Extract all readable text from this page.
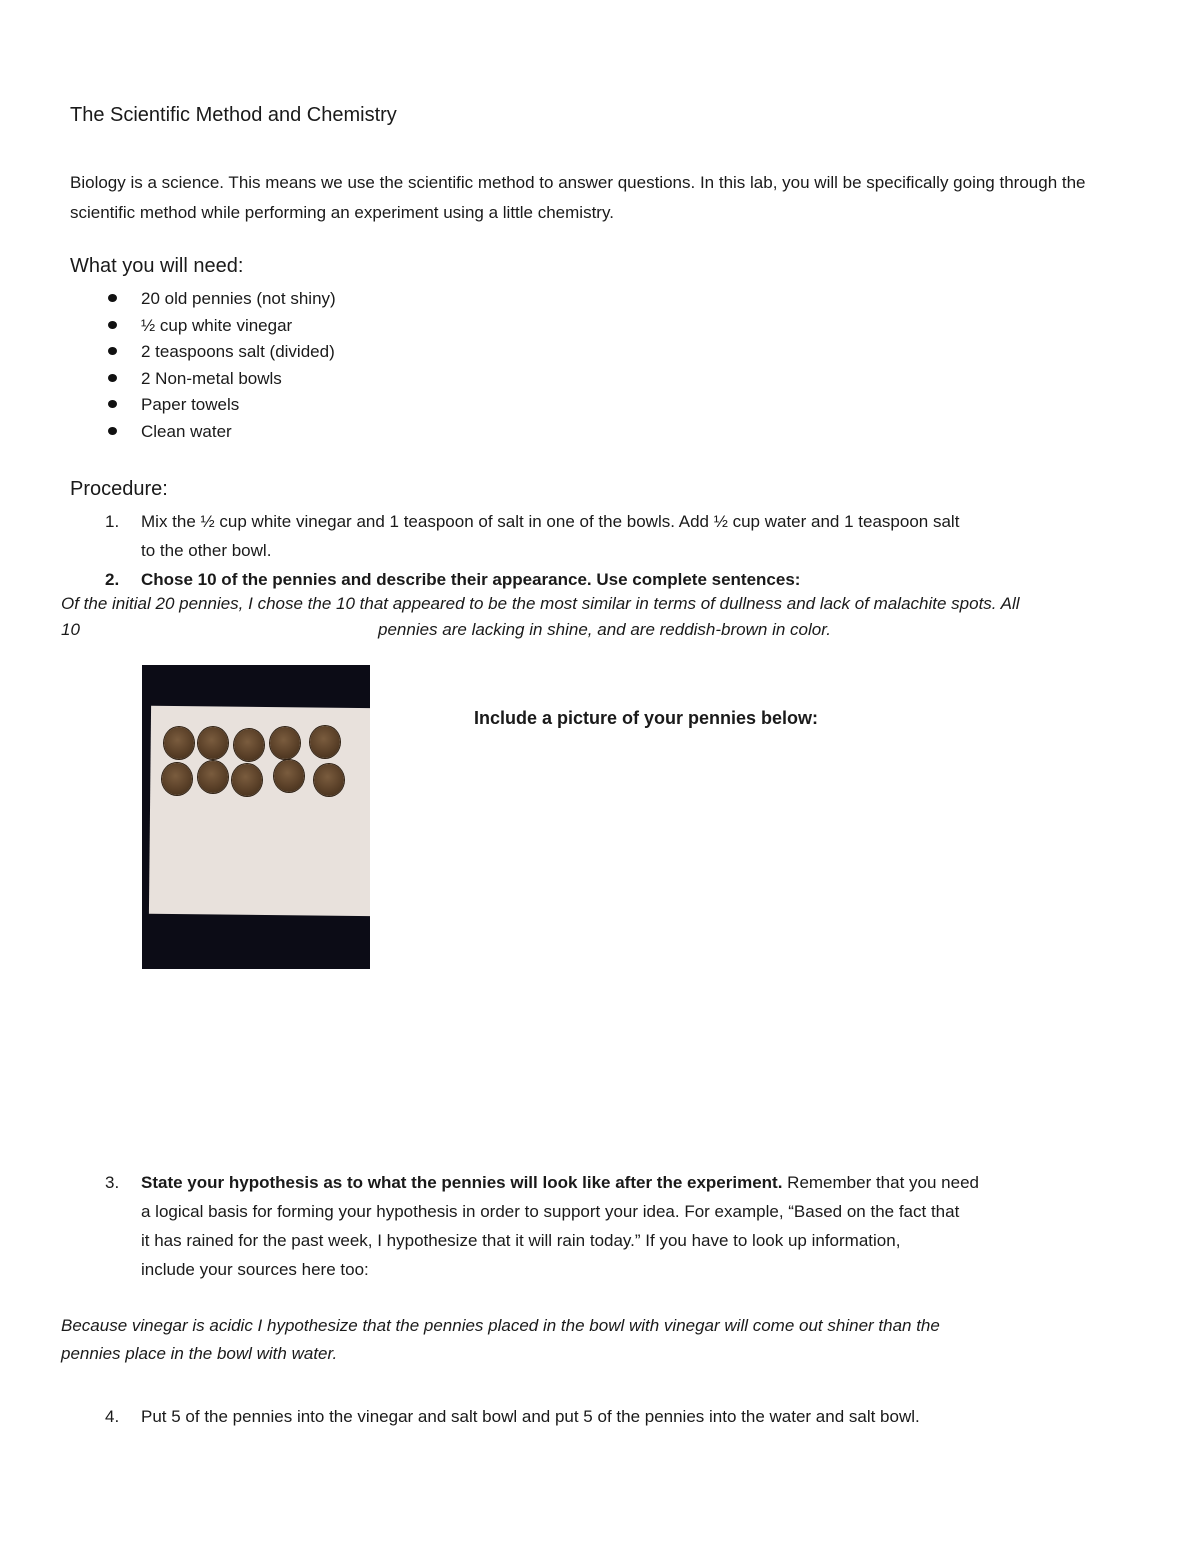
The Scientific Method and Chemistry
Biology is a science. This means we use the scientific method to answer questions. In this lab, you will be specifically going through the scientific method while performing an experiment using a little chemistry.
What you will need:
20 old pennies (not shiny)
½ cup white vinegar
2 teaspoons salt (divided)
2 Non-metal bowls
Paper towels
Clean water
Procedure:
1. Mix the ½ cup white vinegar and 1 teaspoon of salt in one of the bowls. Add ½ cup water and 1 teaspoon salt
to the other bowl.
2. Chose 10 of the pennies and describe their appearance. Use complete sentences:
Of the initial 20 pennies, I chose the 10 that appeared to be the most similar in terms of dullness and lack of malachite spots. All
10	pennies are lacking in shine, and are reddish-brown in color.
Include a picture of your pennies below:
3. State your hypothesis as to what the pennies will look like after the experiment. Remember that you need
a logical basis for forming your hypothesis in order to support your idea. For example, “Based on the fact that
it has rained for the past week, I hypothesize that it will rain today.” If you have to look up information,
include your sources here too:
Because vinegar is acidic I hypothesize that the pennies placed in the bowl with vinegar will come out shiner than the
pennies place in the bowl with water.
4. Put 5 of the pennies into the vinegar and salt bowl and put 5 of the pennies into the water and salt bowl.
